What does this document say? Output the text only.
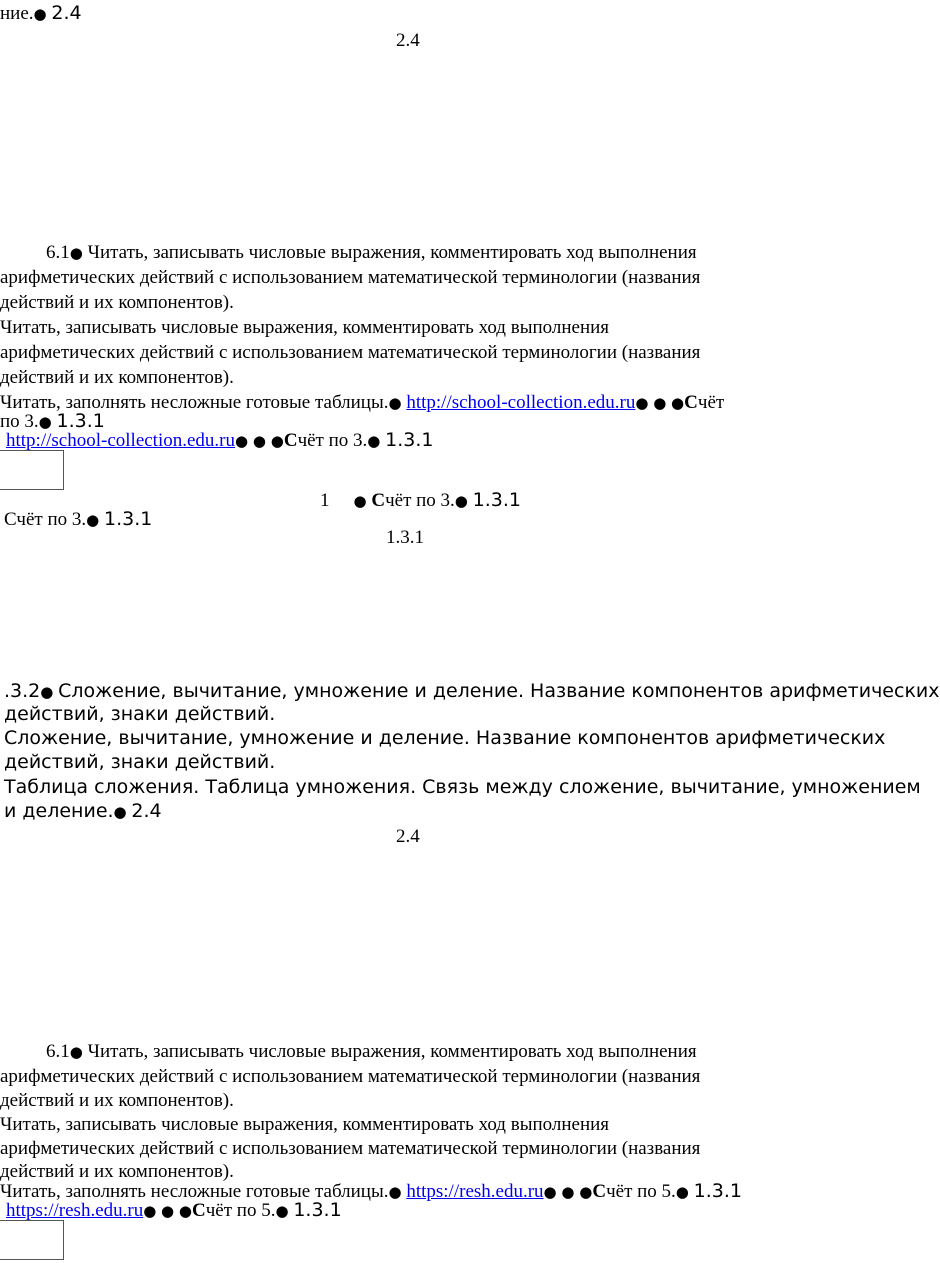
ние.● 2.4
2.4
6.1● Читать, записывать числовые выражения, комментировать ход выполнения
арифметических действий с использованием математической терминологии (названия
действий и их компонентов).
Читать, записывать числовые выражения, комментировать ход выполнения
арифметических действий с использованием математической терминологии (названия
действий и их компонентов).
Читать, заполнять несложные готовые таблицы.● http://school-collection.edu.ru● ● ●Счёт
по 3.● 1.3.1
http://school-collection.edu.ru● ● ●Счёт по 3.● 1.3.1
1 ● Счёт по 3.● 1.3.1
Счёт по 3.● 1.3.1
1.3.1
.3.2● Сложение, вычитание, умножение и деление. Название компонентов арифметических
действий, знаки действий.
Сложение, вычитание, умножение и деление. Название компонентов арифметических
действий, знаки действий.
Таблица сложения. Таблица умножения. Связь между сложение, вычитание, умножением
и деление.● 2.4
2.4
6.1● Читать, записывать числовые выражения, комментировать ход выполнения
арифметических действий с использованием математической терминологии (названия
действий и их компонентов).
Читать, записывать числовые выражения, комментировать ход выполнения
арифметических действий с использованием математической терминологии (названия
действий и их компонентов).
Читать, заполнять несложные готовые таблицы.● https://resh.edu.ru● ● ●Счёт по 5.● 1.3.1
https://resh.edu.ru● ● ●Счёт по 5.● 1.3.1
